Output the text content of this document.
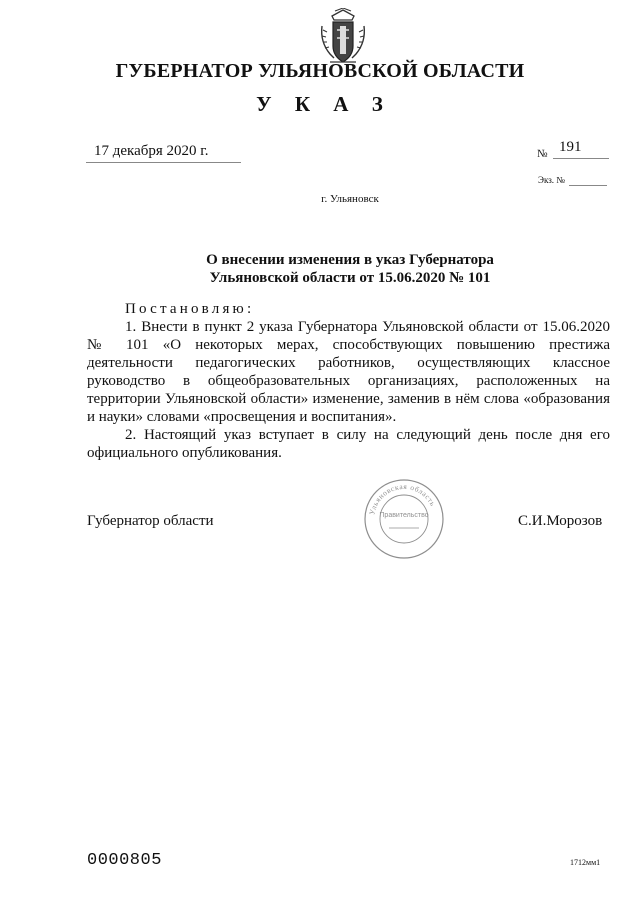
ГУБЕРНАТОР УЛЬЯНОВСКОЙ ОБЛАСТИ
У К А З
17 декабря 2020 г.	№ 191
Экз. №
г. Ульяновск
О внесении изменения в указ Губернатора
Ульяновской области от 15.06.2020 № 101

Постановляю:

1. Внести в пункт 2 указа Губернатора Ульяновской области от 15.06.2020 № 101 «О некоторых мерах, способствующих повышению престижа деятельности педагогических работников, осуществляющих классное руководство в общеобразовательных организациях, расположенных на территории Ульяновской области» изменение, заменив в нём слова «образования и науки» словами «просвещения и воспитания».

2. Настоящий указ вступает в силу на следующий день после дня его официального опубликования.

Губернатор области
Ульяновская область
Правительство	С.И.Морозов
0000805	1712мм1
